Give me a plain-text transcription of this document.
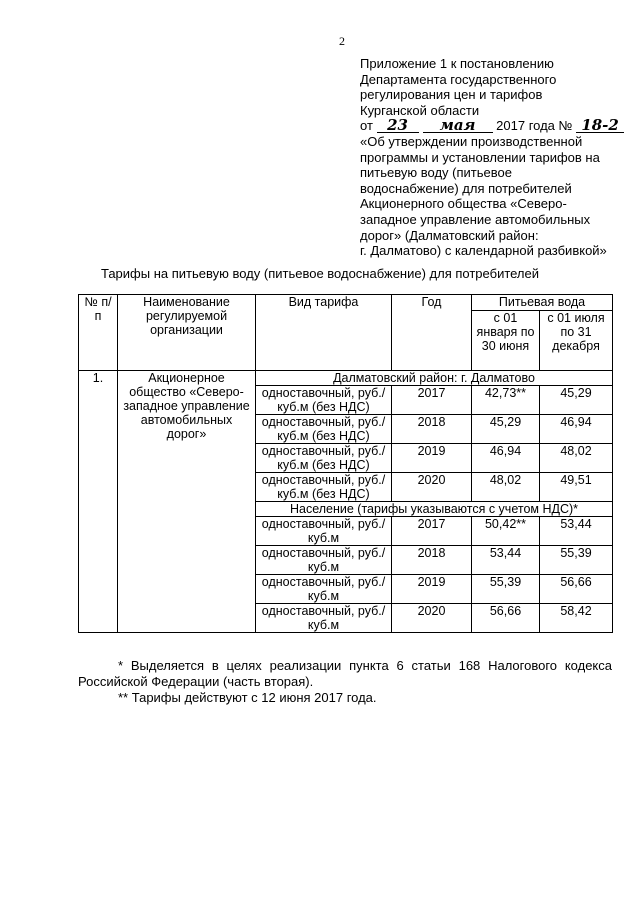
2
Приложение 1 к постановлению
Департамента государственного
регулирования цен и тарифов
Курганской области
от 23 мая 2017 года № 18-2
«Об утверждении производственной
программы и установлении тарифов на
питьевую воду (питьевое
водоснабжение) для потребителей
Акционерного общества «Северо-
западное управление автомобильных
дорог» (Далматовский район:
г. Далматово) с календарной разбивкой»
Тарифы на питьевую воду (питьевое водоснабжение) для потребителей
№ п/п	Наименование регулируемой организации	Вид тарифа	Год	Питьевая вода	
				с 01 января по 30 июня	с 01 июля по 31 декабря
1.	Акционерное общество «Северо-западное управление автомобильных дорог»	Далматовский район: г. Далматово			
		одноставочный, руб./куб.м (без НДС)	2017	42,73**	45,29
		одноставочный, руб./куб.м (без НДС)	2018	45,29	46,94
		одноставочный, руб./куб.м (без НДС)	2019	46,94	48,02
		одноставочный, руб./куб.м (без НДС)	2020	48,02	49,51
		Население (тарифы указываются с учетом НДС)*			
		одноставочный, руб./куб.м	2017	50,42**	53,44
		одноставочный, руб./куб.м	2018	53,44	55,39
		одноставочный, руб./куб.м	2019	55,39	56,66
		одноставочный, руб./куб.м	2020	56,66	58,42
* Выделяется в целях реализации пункта 6 статьи 168 Налогового кодекса Российской Федерации (часть вторая).
** Тарифы действуют с 12 июня 2017 года.
